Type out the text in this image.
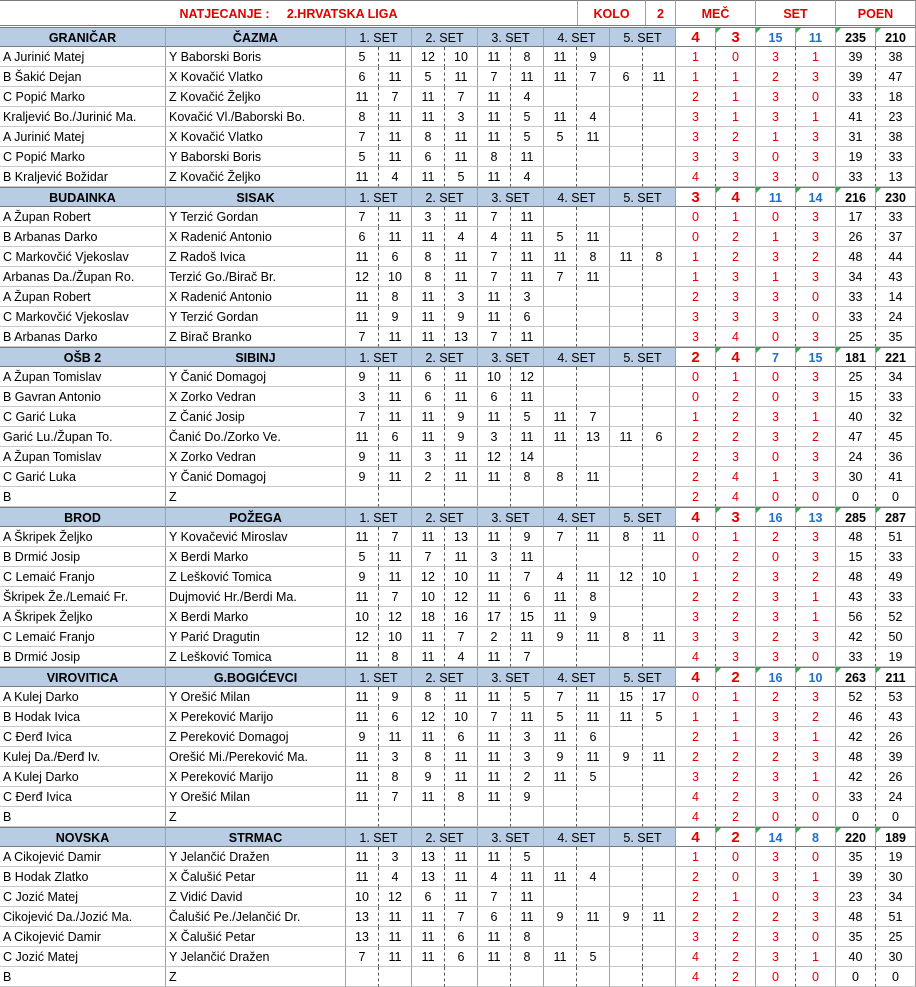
NATJECANJE : 2.HRVATSKA LIGA	KOLO	2	MEČ	SET	POEN
GRANIČAR	ČAZMA	1. SET	2. SET	3. SET	4. SET	5. SET	4	3	15	11	235	210
A Jurinić Matej	Y Baborski Boris	5	11	12	10	11	8	11	9	1	0	3	1	39	38
B Šakić Dejan	X Kovačić Vlatko	6	11	5	11	7	11	11	7	6	11	1	1	2	3	39	47
C Popić Marko	Z Kovačić Željko	11	7	11	7	11	4	2	1	3	0	33	18
Kraljević Bo./Jurinić Ma.	Kovačić Vl./Baborski Bo.	8	11	11	3	11	5	11	4	3	1	3	1	41	23
A Jurinić Matej	X Kovačić Vlatko	7	11	8	11	11	5	5	11	3	2	1	3	31	38
C Popić Marko	Y Baborski Boris	5	11	6	11	8	11	3	3	0	3	19	33
B Kraljević Božidar	Z Kovačić Željko	11	4	11	5	11	4	4	3	3	0	33	13
BUDAINKA	SISAK	1. SET	2. SET	3. SET	4. SET	5. SET	3	4	11	14	216	230
A Župan Robert	Y Terzić Gordan	7	11	3	11	7	11	0	1	0	3	17	33
B Arbanas Darko	X Radenić Antonio	6	11	11	4	4	11	5	11	0	2	1	3	26	37
C Markovčić Vjekoslav	Z Radoš Ivica	11	6	8	11	7	11	11	8	11	8	1	2	3	2	48	44
Arbanas Da./Župan Ro.	Terzić Go./Birač Br.	12	10	8	11	7	11	7	11	1	3	1	3	34	43
A Župan Robert	X Radenić Antonio	11	8	11	3	11	3	2	3	3	0	33	14
C Markovčić Vjekoslav	Y Terzić Gordan	11	9	11	9	11	6	3	3	3	0	33	24
B Arbanas Darko	Z Birač Branko	7	11	11	13	7	11	3	4	0	3	25	35
OŠB 2	SIBINJ	1. SET	2. SET	3. SET	4. SET	5. SET	2	4	7	15	181	221
A Župan Tomislav	Y Čanić Domagoj	9	11	6	11	10	12	0	1	0	3	25	34
B Gavran Antonio	X Zorko Vedran	3	11	6	11	6	11	0	2	0	3	15	33
C Garić Luka	Z Čanić Josip	7	11	11	9	11	5	11	7	1	2	3	1	40	32
Garić Lu./Župan To.	Čanić Do./Zorko Ve.	11	6	11	9	3	11	11	13	11	6	2	2	3	2	47	45
A Župan Tomislav	X Zorko Vedran	9	11	3	11	12	14	2	3	0	3	24	36
C Garić Luka	Y Čanić Domagoj	9	11	2	11	11	8	8	11	2	4	1	3	30	41
B	Z	2	4	0	0	0	0
BROD	POŽEGA	1. SET	2. SET	3. SET	4. SET	5. SET	4	3	16	13	285	287
A Škripek Željko	Y Kovačević Miroslav	11	7	11	13	11	9	7	11	8	11	0	1	2	3	48	51
B Drmić Josip	X Berdi Marko	5	11	7	11	3	11	0	2	0	3	15	33
C Lemaić Franjo	Z Lešković Tomica	9	11	12	10	11	7	4	11	12	10	1	2	3	2	48	49
Škripek Že./Lemaić Fr.	Dujmović Hr./Berdi Ma.	11	7	10	12	11	6	11	8	2	2	3	1	43	33
A Škripek Željko	X Berdi Marko	10	12	18	16	17	15	11	9	3	2	3	1	56	52
C Lemaić Franjo	Y Parić Dragutin	12	10	11	7	2	11	9	11	8	11	3	3	2	3	42	50
B Drmić Josip	Z Lešković Tomica	11	8	11	4	11	7	4	3	3	0	33	19
VIROVITICA	G.BOGIĆEVCI	1. SET	2. SET	3. SET	4. SET	5. SET	4	2	16	10	263	211
A Kulej Darko	Y Orešić Milan	11	9	8	11	11	5	7	11	15	17	0	1	2	3	52	53
B Hodak Ivica	X Pereković Marijo	11	6	12	10	7	11	5	11	11	5	1	1	3	2	46	43
C Đerđ Ivica	Z Pereković Domagoj	9	11	11	6	11	3	11	6	2	1	3	1	42	26
Kulej Da./Đerđ Iv.	Orešić Mi./Pereković Ma.	11	3	8	11	11	3	9	11	9	11	2	2	2	3	48	39
A Kulej Darko	X Pereković Marijo	11	8	9	11	11	2	11	5	3	2	3	1	42	26
C Đerđ Ivica	Y Orešić Milan	11	7	11	8	11	9	4	2	3	0	33	24
B	Z	4	2	0	0	0	0
NOVSKA	STRMAC	1. SET	2. SET	3. SET	4. SET	5. SET	4	2	14	8	220	189
A Cikojević Damir	Y Jelančić Dražen	11	3	13	11	11	5	1	0	3	0	35	19
B Hodak Zlatko	X Čalušić Petar	11	4	13	11	4	11	11	4	2	0	3	1	39	30
C Jozić Matej	Z Vidić David	10	12	6	11	7	11	2	1	0	3	23	34
Cikojević Da./Jozić Ma.	Čalušić Pe./Jelančić Dr.	13	11	11	7	6	11	9	11	9	11	2	2	2	3	48	51
A Cikojević Damir	X Čalušić Petar	13	11	11	6	11	8	3	2	3	0	35	25
C Jozić Matej	Y Jelančić Dražen	7	11	11	6	11	8	11	5	4	2	3	1	40	30
B	Z	4	2	0	0	0	0
